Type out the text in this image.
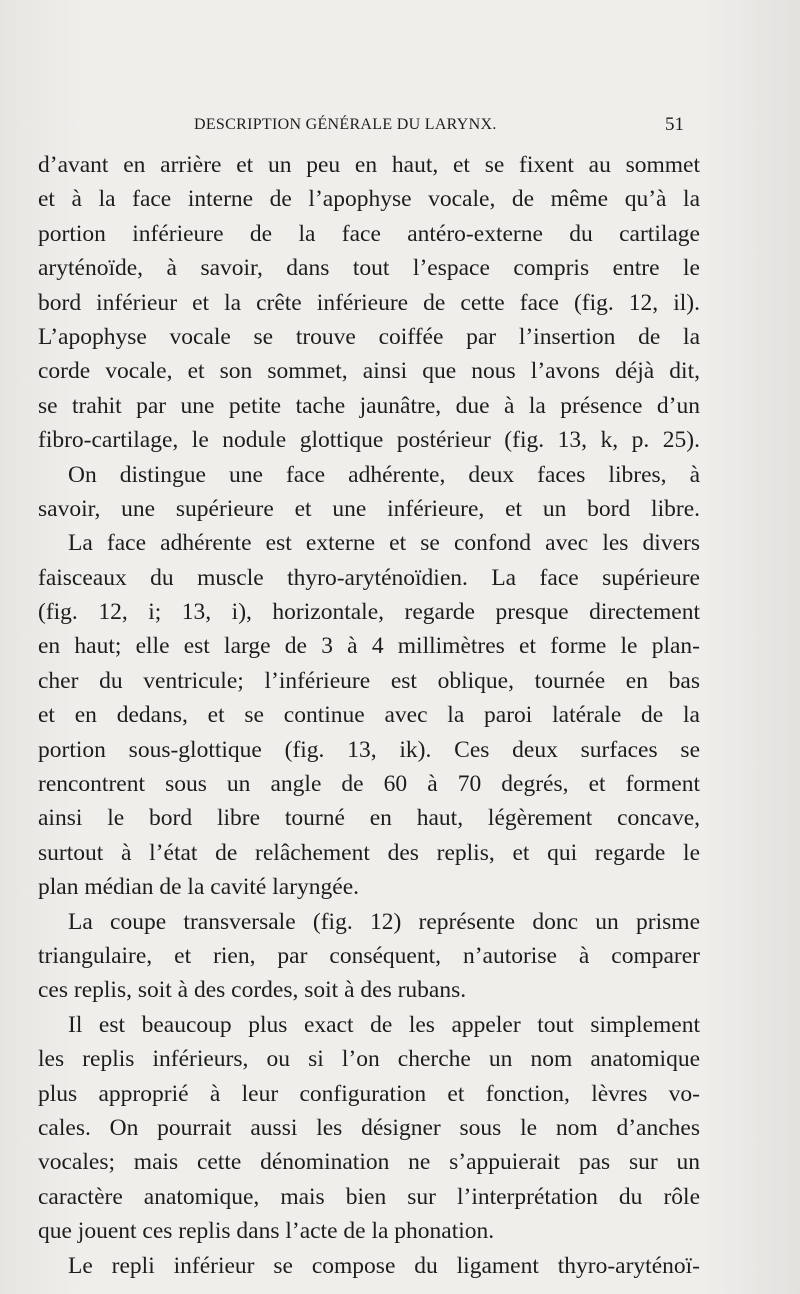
DESCRIPTION GÉNÉRALE DU LARYNX.	51
d’avant en arrière et un peu en haut, et se fixent au sommet
et à la face interne de l’apophyse vocale, de même qu’à la
portion inférieure de la face antéro-externe du cartilage
aryténoïde, à savoir, dans tout l’espace compris entre le
bord inférieur et la crête inférieure de cette face (fig. 12, il).
L’apophyse vocale se trouve coiffée par l’insertion de la
corde vocale, et son sommet, ainsi que nous l’avons déjà dit,
se trahit par une petite tache jaunâtre, due à la présence d’un
fibro-cartilage, le nodule glottique postérieur (fig. 13, k, p. 25).
On distingue une face adhérente, deux faces libres, à
savoir, une supérieure et une inférieure, et un bord libre.
La face adhérente est externe et se confond avec les divers
faisceaux du muscle thyro-aryténoïdien. La face supérieure
(fig. 12, i; 13, i), horizontale, regarde presque directement
en haut; elle est large de 3 à 4 millimètres et forme le plan-
cher du ventricule; l’inférieure est oblique, tournée en bas
et en dedans, et se continue avec la paroi latérale de la
portion sous-glottique (fig. 13, ik). Ces deux surfaces se
rencontrent sous un angle de 60 à 70 degrés, et forment
ainsi le bord libre tourné en haut, légèrement concave,
surtout à l’état de relâchement des replis, et qui regarde le
plan médian de la cavité laryngée.
La coupe transversale (fig. 12) représente donc un prisme
triangulaire, et rien, par conséquent, n’autorise à comparer
ces replis, soit à des cordes, soit à des rubans.
Il est beaucoup plus exact de les appeler tout simplement
les replis inférieurs, ou si l’on cherche un nom anatomique
plus approprié à leur configuration et fonction, lèvres vo-
cales. On pourrait aussi les désigner sous le nom d’anches
vocales; mais cette dénomination ne s’appuierait pas sur un
caractère anatomique, mais bien sur l’interprétation du rôle
que jouent ces replis dans l’acte de la phonation.
Le repli inférieur se compose du ligament thyro-aryténoï-
